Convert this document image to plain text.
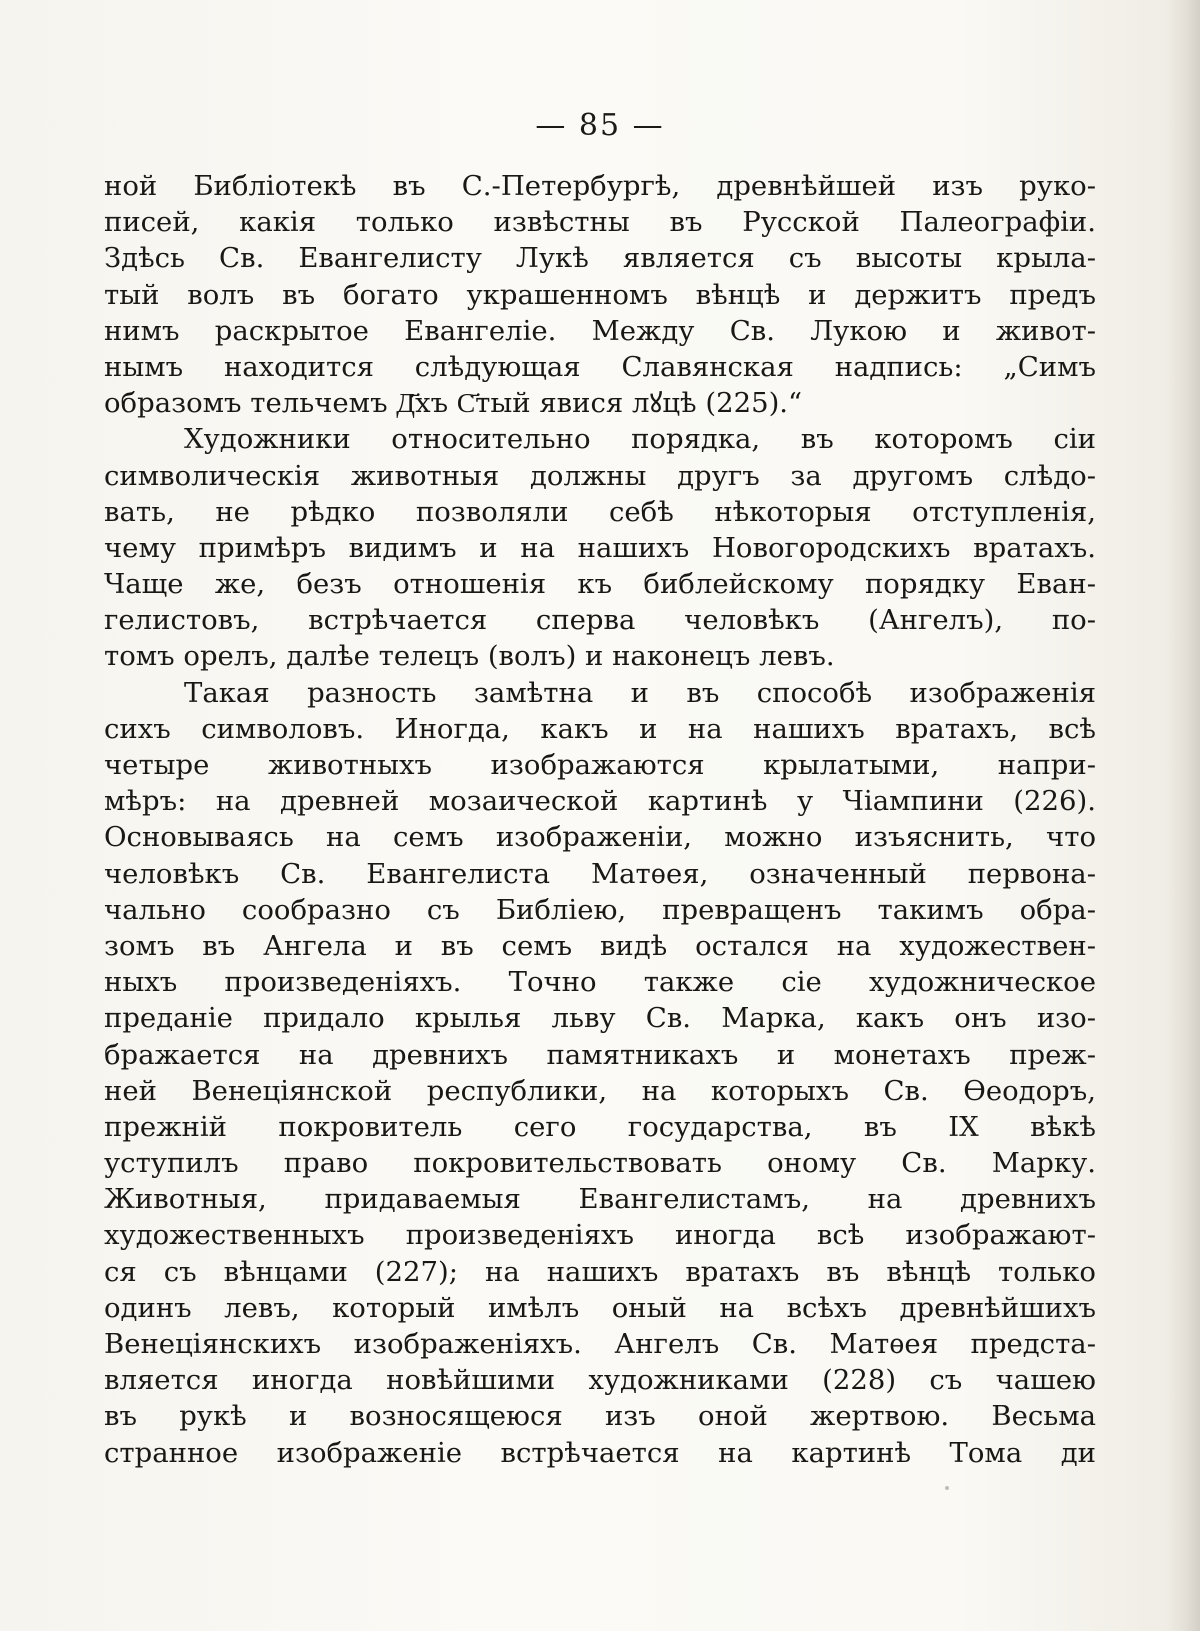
— 85 —
ной Библіотекѣ въ С.-Петербургѣ, древнѣйшей изъ руко-
писей, какія только извѣстны въ Русской Палеографіи.
Здѣсь Св. Евангелисту Лукѣ является съ высоты крыла-
тый волъ въ богато украшенномъ вѣнцѣ и держитъ предъ
нимъ раскрытое Евангеліе. Между Св. Лукою и живот-
нымъ находится слѣдующая Славянская надпись: „Симъ
образомъ тельчемъ Д҃хъ С҃тый явися лꙋцѣ (225).“
Художники относительно порядка, въ которомъ сіи
символическія животныя должны другъ за другомъ слѣдо-
вать, не рѣдко позволяли себѣ нѣкоторыя отступленія,
чему примѣръ видимъ и на нашихъ Новогородскихъ вратахъ.
Чаще же, безъ отношенія къ библейскому порядку Еван-
гелистовъ, встрѣчается сперва человѣкъ (Ангелъ), по-
томъ орелъ, далѣе телецъ (волъ) и наконецъ левъ.
Такая разность замѣтна и въ способѣ изображенія
сихъ символовъ. Иногда, какъ и на нашихъ вратахъ, всѣ
четыре животныхъ изображаются крылатыми, напри-
мѣръ: на древней мозаической картинѣ у Чіампини (226).
Основываясь на семъ изображеніи, можно изъяснить, что
человѣкъ Св. Евангелиста Матѳея, означенный первона-
чально сообразно съ Библіею, превращенъ такимъ обра-
зомъ въ Ангела и въ семъ видѣ остался на художествен-
ныхъ произведеніяхъ. Точно также сіе художническое
преданіе придало крылья льву Св. Марка, какъ онъ изо-
бражается на древнихъ памятникахъ и монетахъ преж-
ней Венеціянской республики, на которыхъ Св. Ѳеодоръ,
прежній покровитель сего государства, въ IX вѣкѣ
уступилъ право покровительствовать оному Св. Марку.
Животныя, придаваемыя Евангелистамъ, на древнихъ
художественныхъ произведеніяхъ иногда всѣ изображают-
ся съ вѣнцами (227); на нашихъ вратахъ въ вѣнцѣ только
одинъ левъ, который имѣлъ оный на всѣхъ древнѣйшихъ
Венеціянскихъ изображеніяхъ. Ангелъ Св. Матѳея предста-
вляется иногда новѣйшими художниками (228) съ чашею
въ рукѣ и возносящеюся изъ оной жертвою. Весьма
странное изображеніе встрѣчается на картинѣ Тома ди
